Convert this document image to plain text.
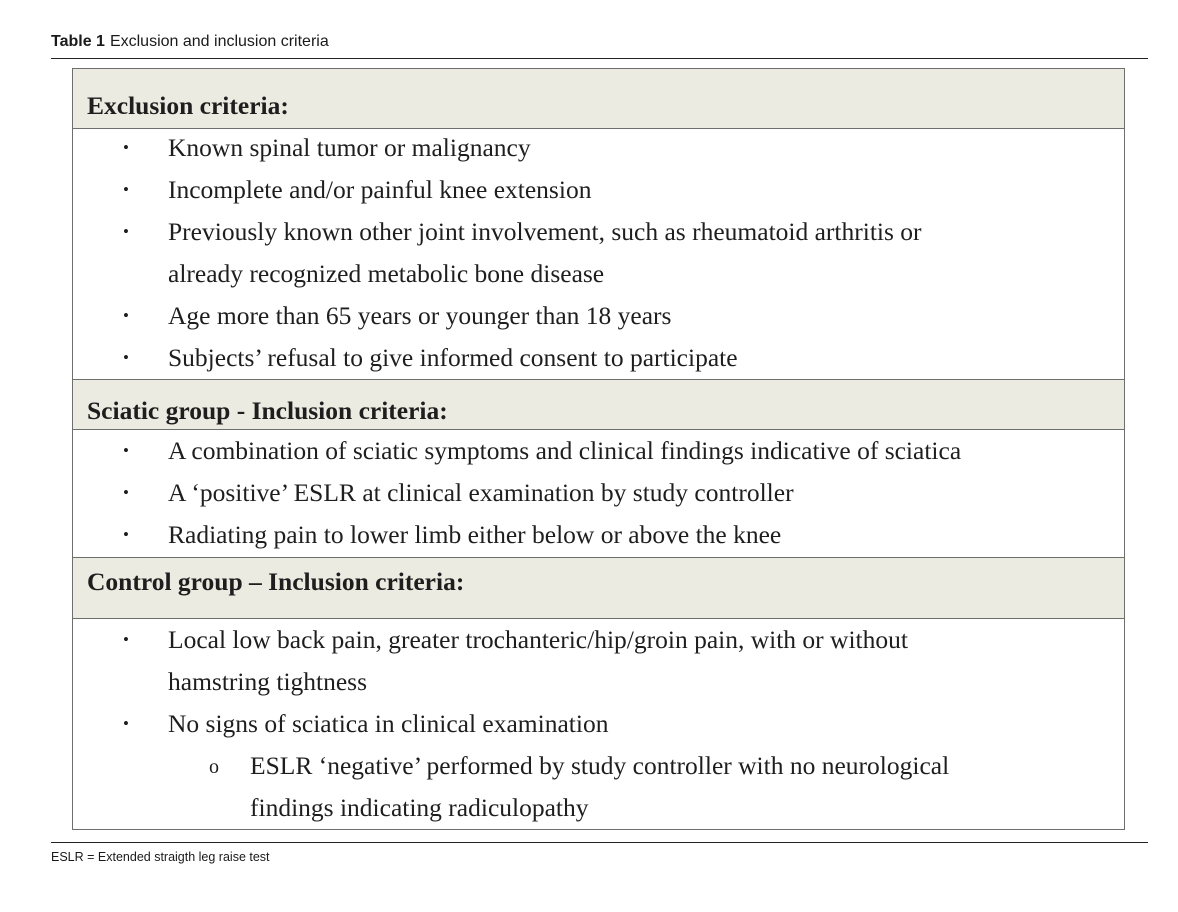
Table 1 Exclusion and inclusion criteria
Exclusion criteria:
• Known spinal tumor or malignancy
• Incomplete and/or painful knee extension
• Previously known other joint involvement, such as rheumatoid arthritis or
already recognized metabolic bone disease
• Age more than 65 years or younger than 18 years
• Subjects’ refusal to give informed consent to participate
Sciatic group - Inclusion criteria:
• A combination of sciatic symptoms and clinical findings indicative of sciatica
• A ‘positive’ ESLR at clinical examination by study controller
• Radiating pain to lower limb either below or above the knee
Control group – Inclusion criteria:
• Local low back pain, greater trochanteric/hip/groin pain, with or without
hamstring tightness
• No signs of sciatica in clinical examination
o ESLR ‘negative’ performed by study controller with no neurological
findings indicating radiculopathy
ESLR = Extended straigth leg raise test
